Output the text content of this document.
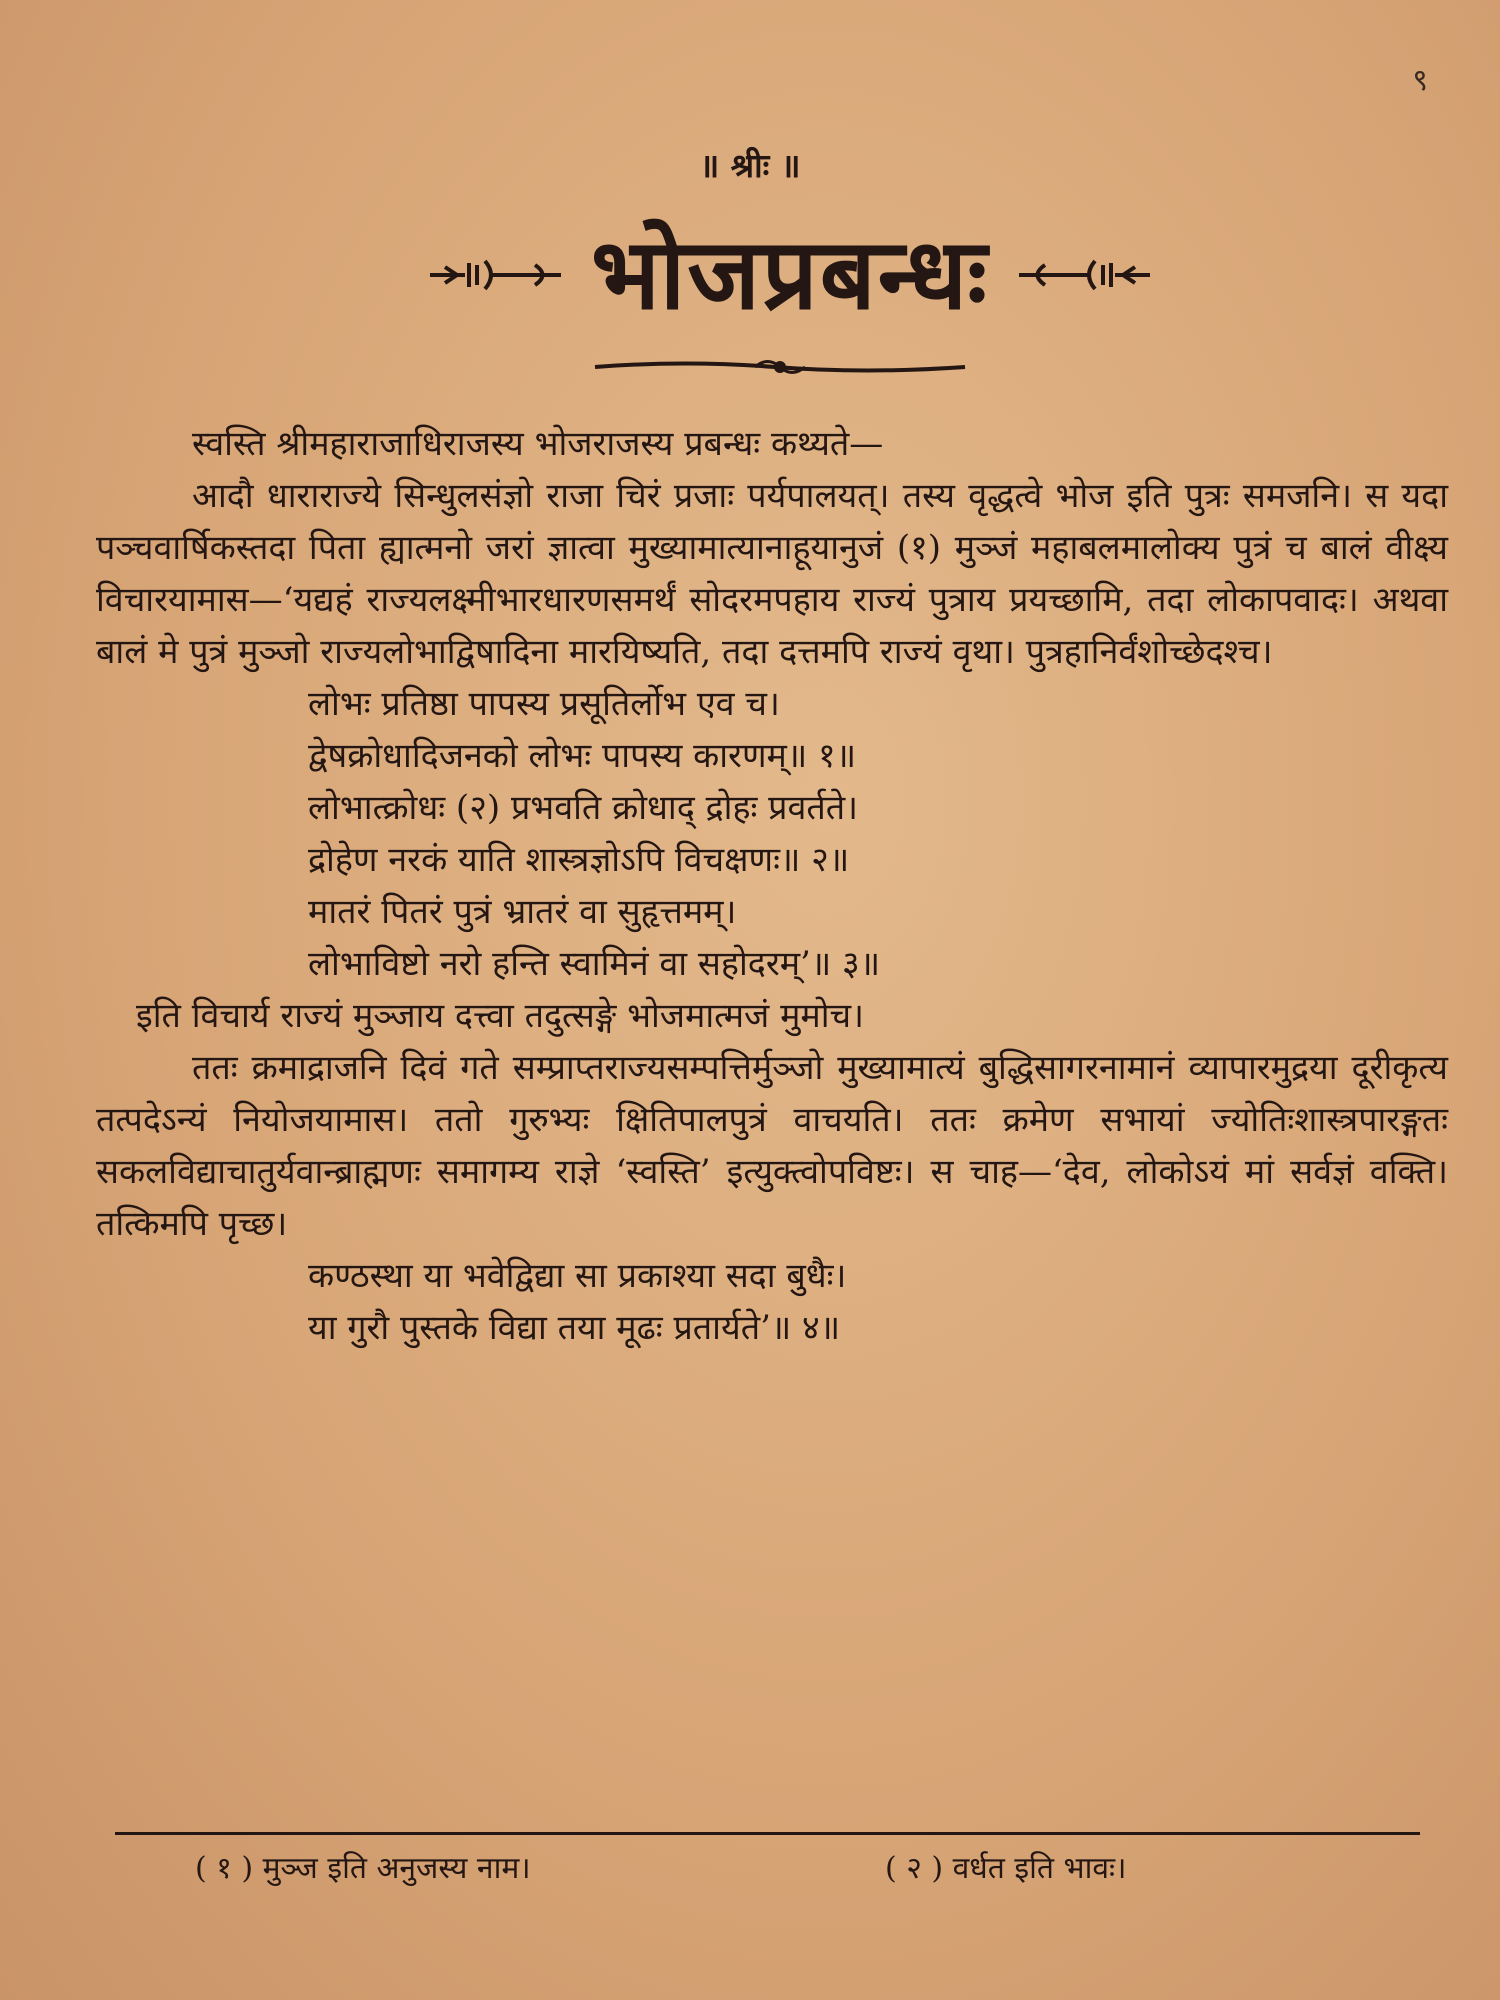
९
॥ श्रीः ॥
भोजप्रबन्धः

स्वस्ति श्रीमहाराजाधिराजस्य भोजराजस्य प्रबन्धः कथ्यते—

आदौ धाराराज्ये सिन्धुलसंज्ञो राजा चिरं प्रजाः पर्यपालयत्। तस्य वृद्धत्वे भोज इति पुत्रः समजनि। स यदा पञ्चवार्षिकस्तदा पिता ह्यात्मनो जरां ज्ञात्वा मुख्यामात्यानाहूयानुजं (१) मुञ्जं महाबलमालोक्य पुत्रं च बालं वीक्ष्य विचारयामास—‘यद्यहं राज्यलक्ष्मीभारधारणसमर्थं सोदरमपहाय राज्यं पुत्राय प्रयच्छामि, तदा लोकापवादः। अथवा बालं मे पुत्रं मुञ्जो राज्यलोभाद्विषादिना मारयिष्यति, तदा दत्तमपि राज्यं वृथा। पुत्रहानिर्वंशोच्छेदश्च।

लोभः प्रतिष्ठा पापस्य प्रसूतिर्लोभ एव च।

द्वेषक्रोधादिजनको लोभः पापस्य कारणम्॥ १॥

लोभात्क्रोधः (२) प्रभवति क्रोधाद् द्रोहः प्रवर्तते।

द्रोहेण नरकं याति शास्त्रज्ञोऽपि विचक्षणः॥ २॥

मातरं पितरं पुत्रं भ्रातरं वा सुहृत्तमम्।

लोभाविष्टो नरो हन्ति स्वामिनं वा सहोदरम्’॥ ३॥

इति विचार्य राज्यं मुञ्जाय दत्त्वा तदुत्सङ्गे भोजमात्मजं मुमोच।

ततः क्रमाद्राजनि दिवं गते सम्प्राप्तराज्यसम्पत्तिर्मुञ्जो मुख्यामात्यं बुद्धिसागरनामानं व्यापारमुद्रया दूरीकृत्य तत्पदेऽन्यं नियोजयामास। ततो गुरुभ्यः क्षितिपालपुत्रं वाचयति। ततः क्रमेण सभायां ज्योतिःशास्त्रपारङ्गतः सकलविद्याचातुर्यवान्ब्राह्मणः समागम्य राज्ञे ‘स्वस्ति’ इत्युक्त्वोपविष्टः। स चाह—‘देव, लोकोऽयं मां सर्वज्ञं वक्ति। तत्किमपि पृच्छ।

कण्ठस्था या भवेद्विद्या सा प्रकाश्या सदा बुधैः।

या गुरौ पुस्तके विद्या तया मूढः प्रतार्यते’॥ ४॥

( १ ) मुञ्ज इति अनुजस्य नाम।	( २ ) वर्धत इति भावः।
